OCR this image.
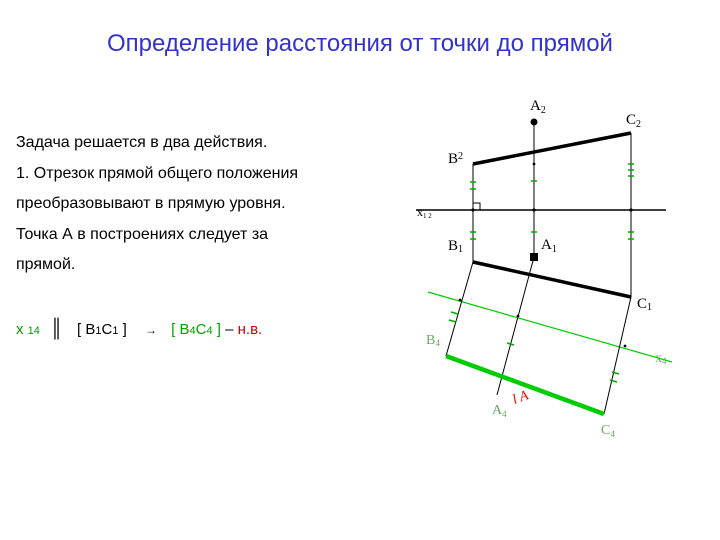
Определение расстояния от точки до прямой

Задача решается в два действия.

1. Отрезок прямой общего положения

преобразовывают в прямую уровня.

Точка А в построениях следует за

прямой.

x 14 ║ [ B1C1 ] → [ B4C4 ] – н.в.
$A_2$
$C_2$
$B^2$
x1 2
B1	$A_1$
C1
B4
x4
$A_4$
$C_4$
l A
